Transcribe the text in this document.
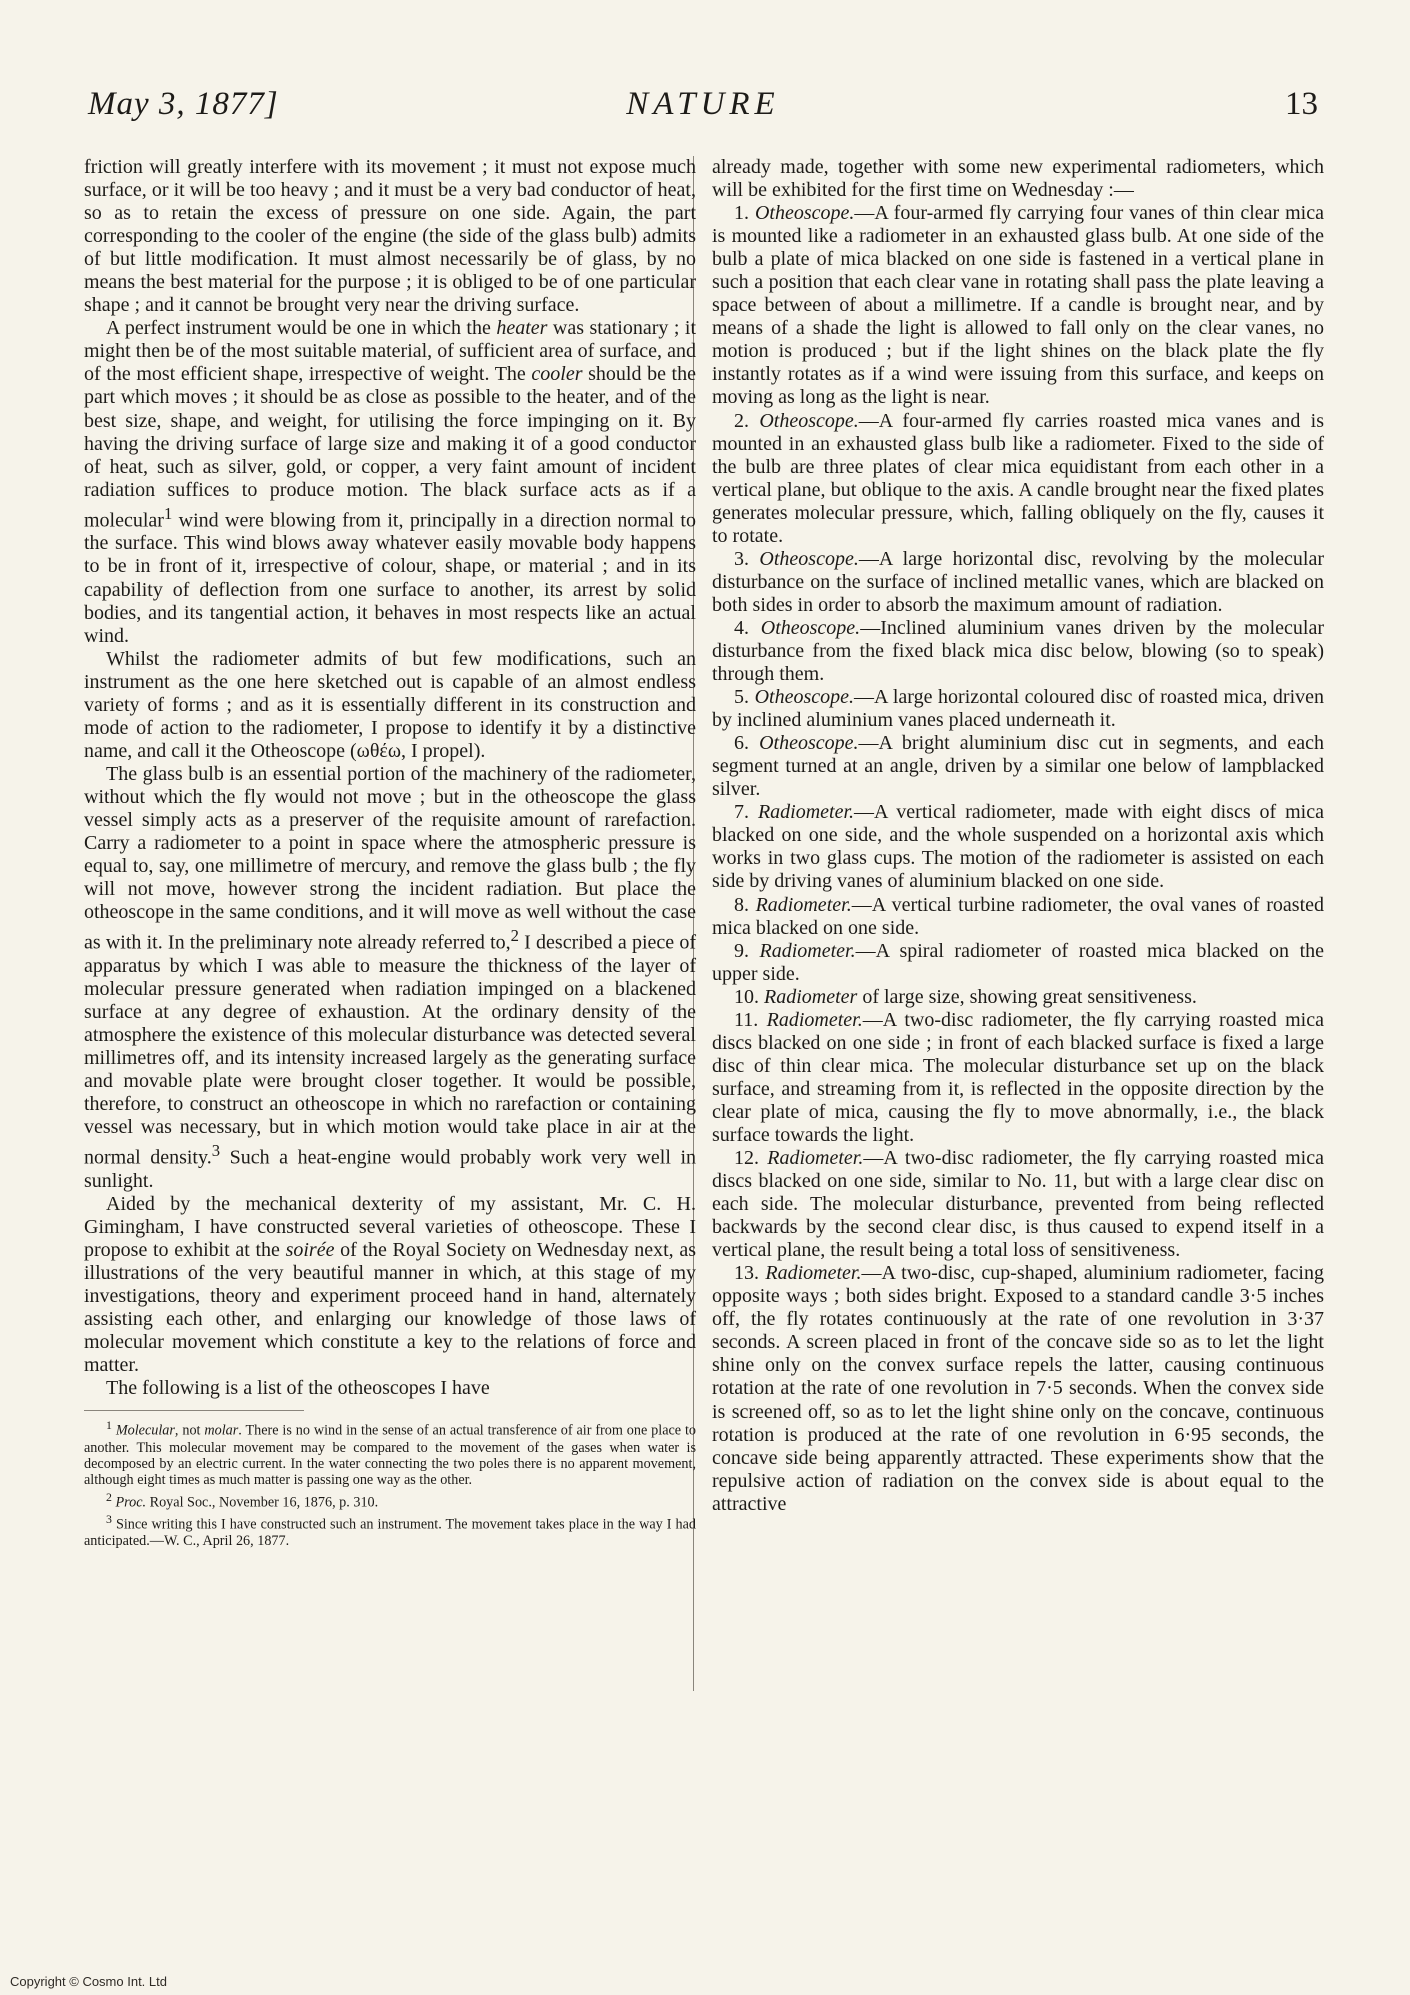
May 3, 1877]	NATURE	13

friction will greatly interfere with its movement ; it must not expose much surface, or it will be too heavy ; and it must be a very bad conductor of heat, so as to retain the excess of pressure on one side. Again, the part corresponding to the cooler of the engine (the side of the glass bulb) admits of but little modification. It must almost necessarily be of glass, by no means the best material for the purpose ; it is obliged to be of one particular shape ; and it cannot be brought very near the driving surface.

A perfect instrument would be one in which the heater was stationary ; it might then be of the most suitable material, of sufficient area of surface, and of the most efficient shape, irrespective of weight. The cooler should be the part which moves ; it should be as close as possible to the heater, and of the best size, shape, and weight, for utilising the force impinging on it. By having the driving surface of large size and making it of a good conductor of heat, such as silver, gold, or copper, a very faint amount of incident radiation suffices to produce motion. The black surface acts as if a molecular$^1$ wind were blowing from it, principally in a direction normal to the surface. This wind blows away whatever easily movable body happens to be in front of it, irrespective of colour, shape, or material ; and in its capability of deflection from one surface to another, its arrest by solid bodies, and its tangential action, it behaves in most respects like an actual wind.

Whilst the radiometer admits of but few modifications, such an instrument as the one here sketched out is capable of an almost endless variety of forms ; and as it is essentially different in its construction and mode of action to the radiometer, I propose to identify it by a distinctive name, and call it the Otheoscope (ωθέω, I propel).

The glass bulb is an essential portion of the machinery of the radiometer, without which the fly would not move ; but in the otheoscope the glass vessel simply acts as a preserver of the requisite amount of rarefaction. Carry a radiometer to a point in space where the atmospheric pressure is equal to, say, one millimetre of mercury, and remove the glass bulb ; the fly will not move, however strong the incident radiation. But place the otheoscope in the same conditions, and it will move as well without the case as with it. In the preliminary note already referred to,$^2$ I described a piece of apparatus by which I was able to measure the thickness of the layer of molecular pressure generated when radiation impinged on a blackened surface at any degree of exhaustion. At the ordinary density of the atmosphere the existence of this molecular disturbance was detected several millimetres off, and its intensity increased largely as the generating surface and movable plate were brought closer together. It would be possible, therefore, to construct an otheoscope in which no rarefaction or containing vessel was necessary, but in which motion would take place in air at the normal density.$^3$ Such a heat-engine would probably work very well in sunlight.

Aided by the mechanical dexterity of my assistant, Mr. C. H. Gimingham, I have constructed several varieties of otheoscope. These I propose to exhibit at the soirée of the Royal Society on Wednesday next, as illustrations of the very beautiful manner in which, at this stage of my investigations, theory and experiment proceed hand in hand, alternately assisting each other, and enlarging our knowledge of those laws of molecular movement which constitute a key to the relations of force and matter.

The following is a list of the otheoscopes I have

$^1$ Molecular, not molar. There is no wind in the sense of an actual transference of air from one place to another. This molecular movement may be compared to the movement of the gases when water is decomposed by an electric current. In the water connecting the two poles there is no apparent movement, although eight times as much matter is passing one way as the other.

$^2$ Proc. Royal Soc., November 16, 1876, p. 310.

$^3$ Since writing this I have constructed such an instrument. The movement takes place in the way I had anticipated.—W. C., April 26, 1877.

already made, together with some new experimental radiometers, which will be exhibited for the first time on Wednesday :—

1. Otheoscope.—A four-armed fly carrying four vanes of thin clear mica is mounted like a radiometer in an exhausted glass bulb. At one side of the bulb a plate of mica blacked on one side is fastened in a vertical plane in such a position that each clear vane in rotating shall pass the plate leaving a space between of about a millimetre. If a candle is brought near, and by means of a shade the light is allowed to fall only on the clear vanes, no motion is produced ; but if the light shines on the black plate the fly instantly rotates as if a wind were issuing from this surface, and keeps on moving as long as the light is near.

2. Otheoscope.—A four-armed fly carries roasted mica vanes and is mounted in an exhausted glass bulb like a radiometer. Fixed to the side of the bulb are three plates of clear mica equidistant from each other in a vertical plane, but oblique to the axis. A candle brought near the fixed plates generates molecular pressure, which, falling obliquely on the fly, causes it to rotate.

3. Otheoscope.—A large horizontal disc, revolving by the molecular disturbance on the surface of inclined metallic vanes, which are blacked on both sides in order to absorb the maximum amount of radiation.

4. Otheoscope.—Inclined aluminium vanes driven by the molecular disturbance from the fixed black mica disc below, blowing (so to speak) through them.

5. Otheoscope.—A large horizontal coloured disc of roasted mica, driven by inclined aluminium vanes placed underneath it.

6. Otheoscope.—A bright aluminium disc cut in segments, and each segment turned at an angle, driven by a similar one below of lampblacked silver.

7. Radiometer.—A vertical radiometer, made with eight discs of mica blacked on one side, and the whole suspended on a horizontal axis which works in two glass cups. The motion of the radiometer is assisted on each side by driving vanes of aluminium blacked on one side.

8. Radiometer.—A vertical turbine radiometer, the oval vanes of roasted mica blacked on one side.

9. Radiometer.—A spiral radiometer of roasted mica blacked on the upper side.

10. Radiometer of large size, showing great sensitiveness.

11. Radiometer.—A two-disc radiometer, the fly carrying roasted mica discs blacked on one side ; in front of each blacked surface is fixed a large disc of thin clear mica. The molecular disturbance set up on the black surface, and streaming from it, is reflected in the opposite direction by the clear plate of mica, causing the fly to move abnormally, i.e., the black surface towards the light.

12. Radiometer.—A two-disc radiometer, the fly carrying roasted mica discs blacked on one side, similar to No. 11, but with a large clear disc on each side. The molecular disturbance, prevented from being reflected backwards by the second clear disc, is thus caused to expend itself in a vertical plane, the result being a total loss of sensitiveness.

13. Radiometer.—A two-disc, cup-shaped, aluminium radiometer, facing opposite ways ; both sides bright. Exposed to a standard candle 3·5 inches off, the fly rotates continuously at the rate of one revolution in 3·37 seconds. A screen placed in front of the concave side so as to let the light shine only on the convex surface repels the latter, causing continuous rotation at the rate of one revolution in 7·5 seconds. When the convex side is screened off, so as to let the light shine only on the concave, continuous rotation is produced at the rate of one revolution in 6·95 seconds, the concave side being apparently attracted. These experiments show that the repulsive action of radiation on the convex side is about equal to the attractive

Copyright © Cosmo Int. Ltd
